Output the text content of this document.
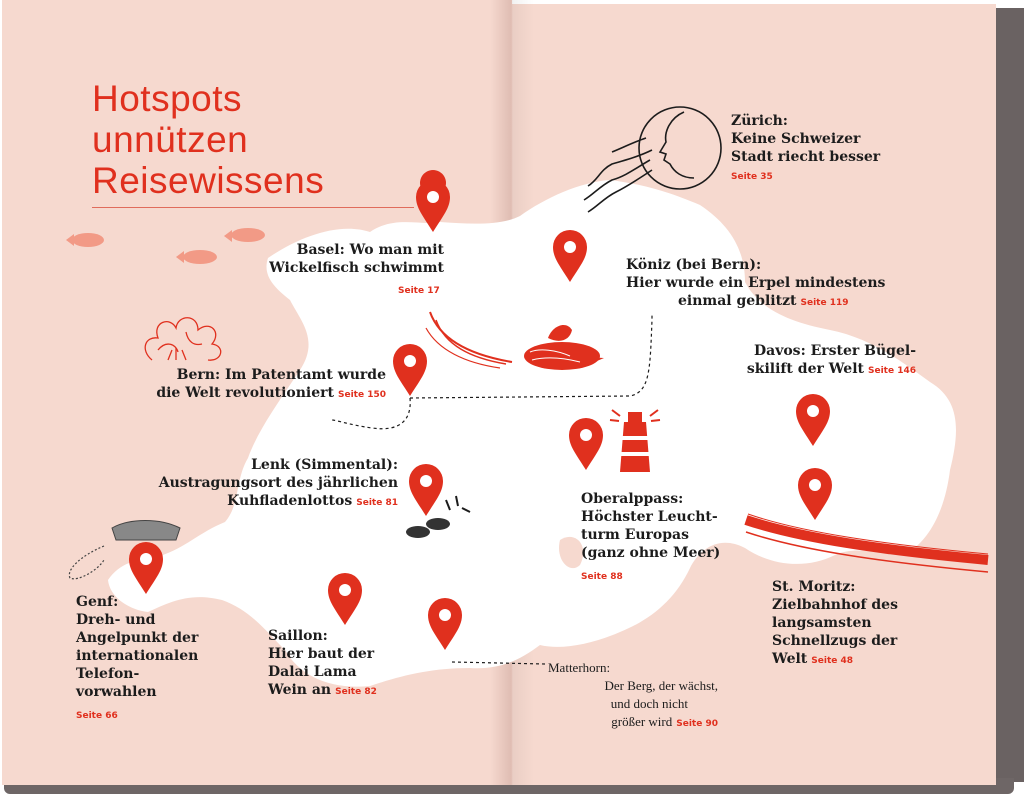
Hotspots
unnützen
Reisewissens
Basel: Wo man mit
Wickelfisch schwimmt
Seite 17
Bern: Im Patentamt wurde
die Welt revolutioniert Seite 150
Lenk (Simmental):
Austragungsort des jährlichen
Kuhfladenlottos Seite 81
Genf:
Dreh- und
Angelpunkt der
internationalen
Telefon-
vorwahlen
Seite 66
Saillon:
Hier baut der
Dalai Lama
Wein an Seite 82
Matterhorn:
Der Berg, der wächst,
und doch nicht
größer wird Seite 90
Zürich:
Keine Schweizer
Stadt riecht besser
Seite 35
Köniz (bei Bern):
Hier wurde ein Erpel mindestens
einmal geblitzt Seite 119
Davos: Erster Bügel-
skilift der Welt Seite 146
Oberalppass:
Höchster Leucht-
turm Europas
(ganz ohne Meer)
Seite 88
St. Moritz:
Zielbahnhof des
langsamsten
Schnellzugs der
Welt Seite 48
